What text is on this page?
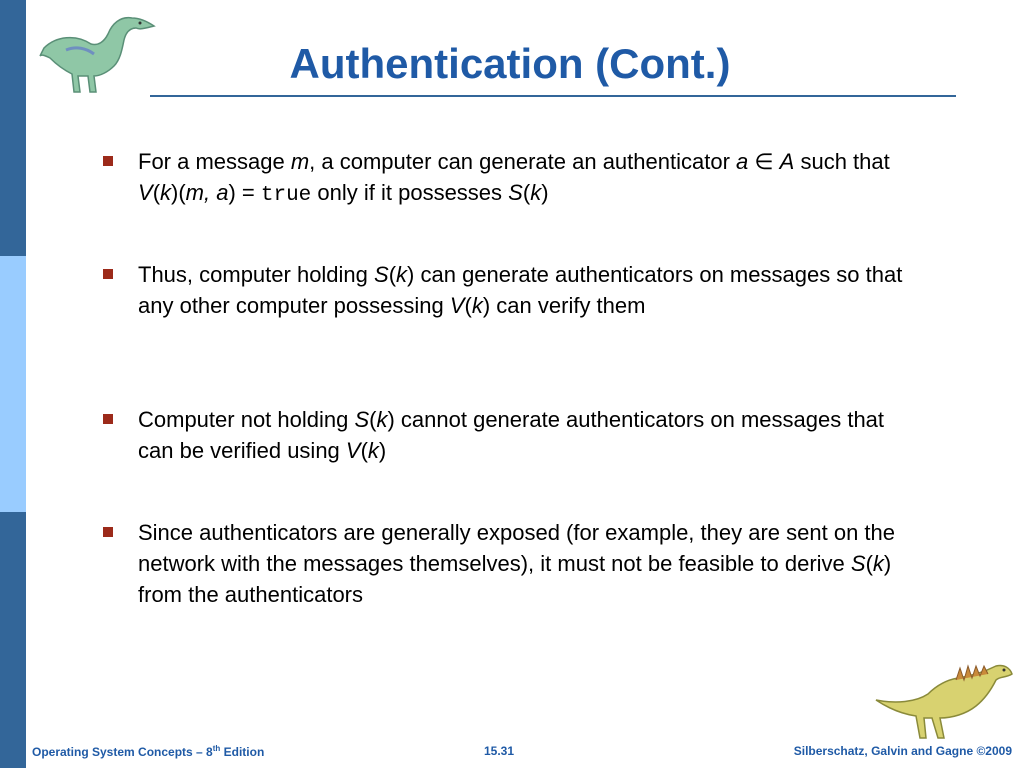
Authentication (Cont.)
For a message m, a computer can generate an authenticator a ∈ A such that V(k)(m, a) = true only if it possesses S(k)
Thus, computer holding S(k) can generate authenticators on messages so that any other computer possessing V(k) can verify them
Computer not holding S(k) cannot generate authenticators on messages that can be verified using V(k)
Since authenticators are generally exposed (for example, they are sent on the network with the messages themselves), it must not be feasible to derive S(k) from the authenticators
Operating System Concepts – 8th Edition	15.31	Silberschatz, Galvin and Gagne ©2009
